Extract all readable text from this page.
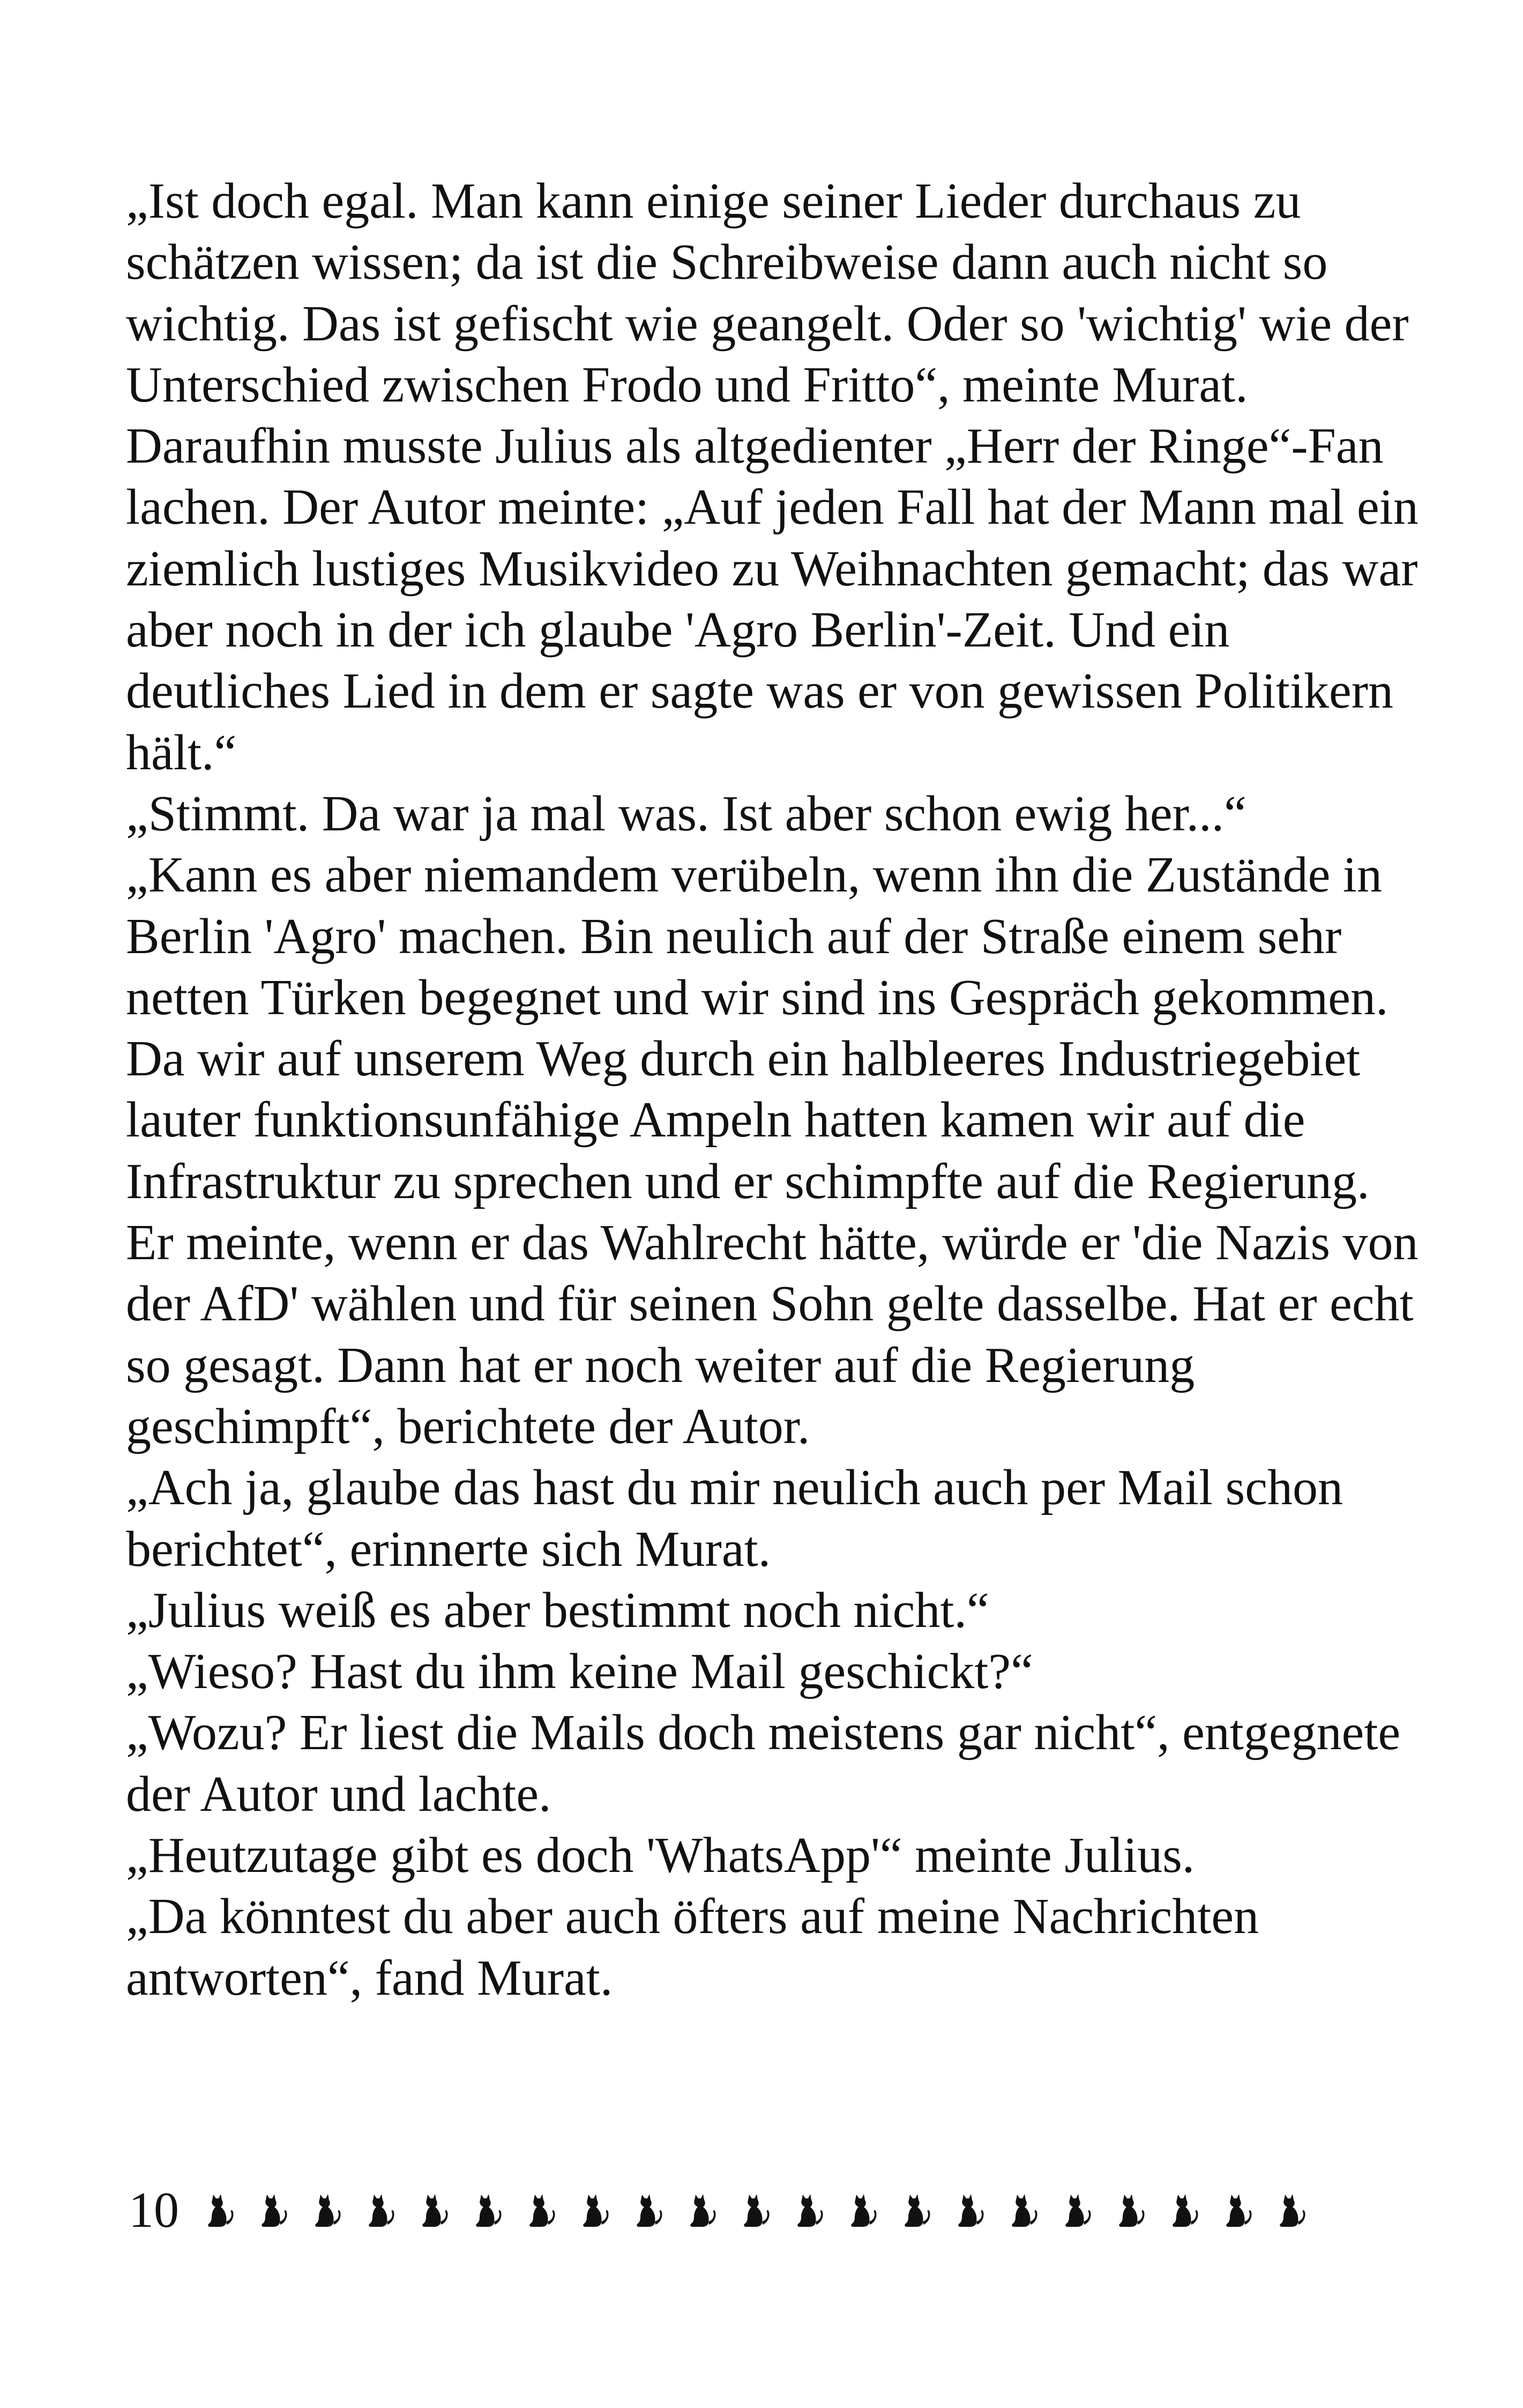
„Ist doch egal. Man kann einige seiner Lieder durchaus zu schätzen wissen; da ist die Schreibweise dann auch nicht so wichtig. Das ist gefischt wie geangelt. Oder so 'wichtig' wie der Unterschied zwischen Frodo und Fritto“, meinte Murat.

Daraufhin musste Julius als altgedienter „Herr der Ringe“-Fan lachen. Der Autor meinte: „Auf jeden Fall hat der Mann mal ein ziemlich lustiges Musikvideo zu Weihnachten gemacht; das war aber noch in der ich glaube 'Agro Berlin'-Zeit. Und ein deutliches Lied in dem er sagte was er von gewissen Politikern hält.“

„Stimmt. Da war ja mal was. Ist aber schon ewig her...“

„Kann es aber niemandem verübeln, wenn ihn die Zustände in Berlin 'Agro' machen. Bin neulich auf der Straße einem sehr netten Türken begegnet und wir sind ins Gespräch gekommen. Da wir auf unserem Weg durch ein halbleeres Industriegebiet lauter funktionsunfähige Ampeln hatten kamen wir auf die Infrastruktur zu sprechen und er schimpfte auf die Regierung. Er meinte, wenn er das Wahlrecht hätte, würde er 'die Nazis von der AfD' wählen und für seinen Sohn gelte dasselbe. Hat er echt so gesagt. Dann hat er noch weiter auf die Regierung geschimpft“, berichtete der Autor.

„Ach ja, glaube das hast du mir neulich auch per Mail schon berichtet“, erinnerte sich Murat.

„Julius weiß es aber bestimmt noch nicht.“

„Wieso? Hast du ihm keine Mail geschickt?“

„Wozu? Er liest die Mails doch meistens gar nicht“, entgegnete der Autor und lachte.

„Heutzutage gibt es doch 'WhatsApp'“ meinte Julius.

„Da könntest du aber auch öfters auf meine Nachrichten antworten“, fand Murat.

10
